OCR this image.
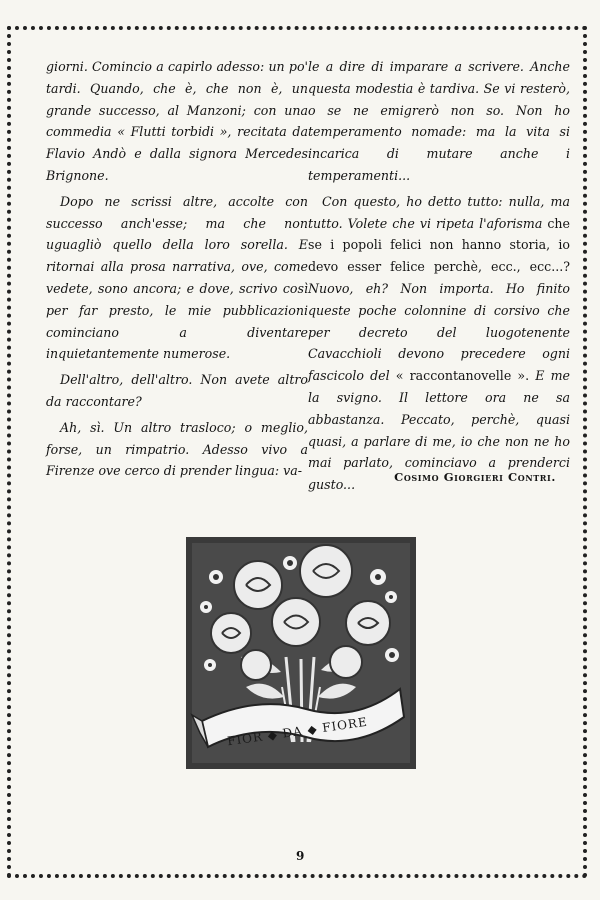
giorni. Comincio a capirlo adesso: un po' tardi. Quando, che è, che non è, un grande successo, al Manzoni; con una commedia « Flutti torbidi », recitata da Flavio Andò e dalla signora Mercedes Brignone.

Dopo ne scrissi altre, accolte con successo anch'esse; ma che non uguagliò quello della loro sorella. E ritornai alla prosa narrativa, ove, come vedete, sono ancora; e dove, scrivo così per far presto, le mie pubblicazioni cominciano a diventare inquietantemente numerose.

Dell'altro, dell'altro. Non avete altro da raccontare?

Ah, sì. Un altro trasloco; o meglio, forse, un rimpatrio. Adesso vivo a Firenze ove cerco di prender lingua: va-

le a dire di imparare a scrivere. Anche questa modestia è tardiva. Se vi resterò, o se ne emigrerò non so. Non ho temperamento nomade: ma la vita si incarica di mutare anche i temperamenti...

Con questo, ho detto tutto: nulla, ma tutto. Volete che vi ripeta l'aforisma che se i popoli felici non hanno storia, io devo esser felice perchè, ecc., ecc...? Nuovo, eh? Non importa. Ho finito queste poche colonnine di corsivo che per decreto del luogotenente Cavacchioli devono precedere ogni fascicolo del « raccontanovelle ». E me la svigno. Il lettore ora ne sa abbastanza. Peccato, perchè, quasi quasi, a parlare di me, io che non ne ho mai parlato, cominciavo a prenderci gusto...

Cosimo Giorgieri Contri.
FIOR ◆ DA ◆ FIORE
9
